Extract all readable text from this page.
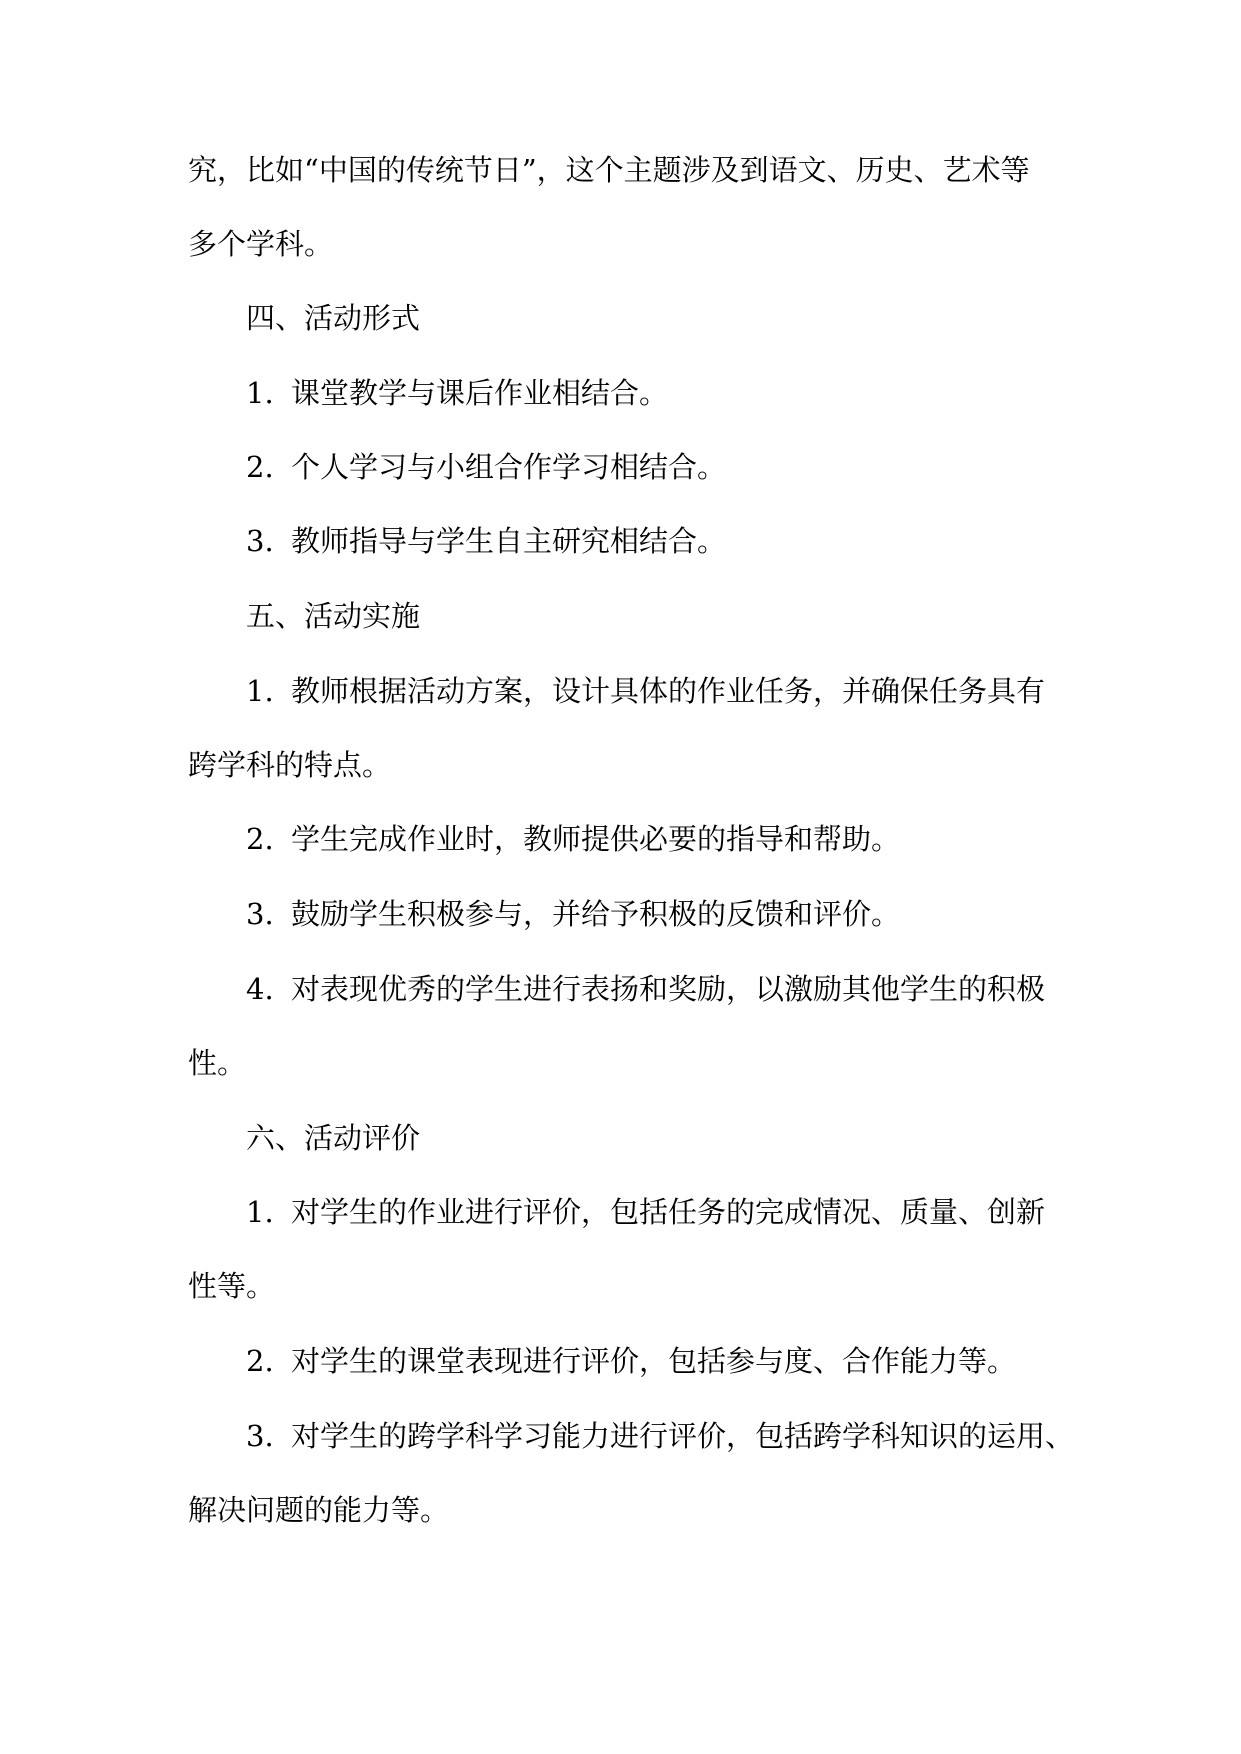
究，比如“中国的传统节日”，这个主题涉及到语文、历史、艺术等
多个学科。
四、活动形式
1. 课堂教学与课后作业相结合。
2. 个人学习与小组合作学习相结合。
3. 教师指导与学生自主研究相结合。
五、活动实施
1. 教师根据活动方案，设计具体的作业任务，并确保任务具有
跨学科的特点。
2. 学生完成作业时，教师提供必要的指导和帮助。
3. 鼓励学生积极参与，并给予积极的反馈和评价。
4. 对表现优秀的学生进行表扬和奖励，以激励其他学生的积极
性。
六、活动评价
1. 对学生的作业进行评价，包括任务的完成情况、质量、创新
性等。
2. 对学生的课堂表现进行评价，包括参与度、合作能力等。
3. 对学生的跨学科学习能力进行评价，包括跨学科知识的运用、
解决问题的能力等。
